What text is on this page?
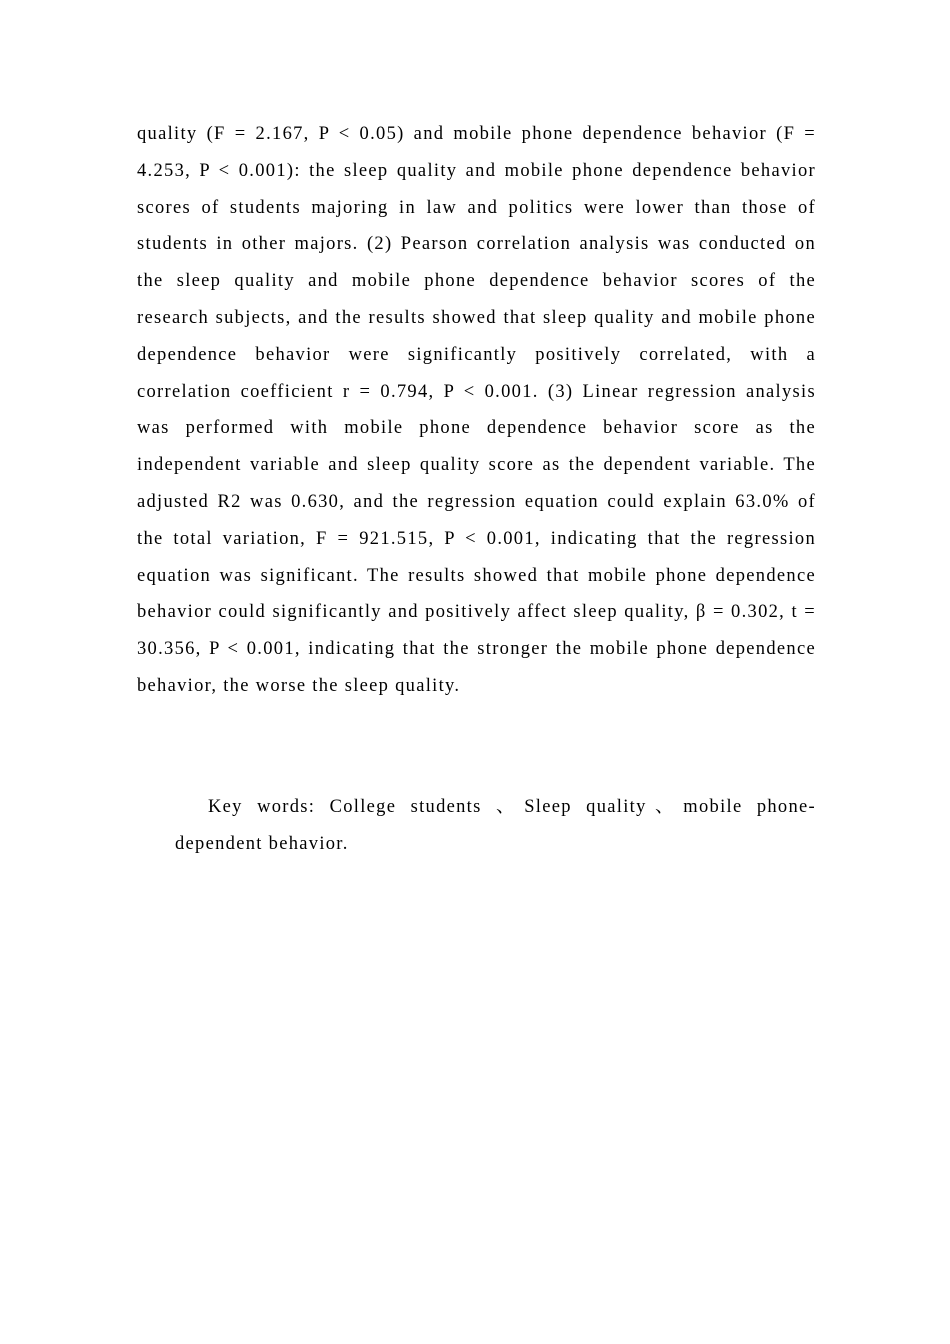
quality (F = 2.167, P < 0.05) and mobile phone dependence behavior (F = 4.253, P < 0.001): the sleep quality and mobile phone dependence behavior scores of students majoring in law and politics were lower than those of students in other majors. (2) Pearson correlation analysis was conducted on the sleep quality and mobile phone dependence behavior scores of the research subjects, and the results showed that sleep quality and mobile phone dependence behavior were significantly positively correlated, with a correlation coefficient r = 0.794, P < 0.001. (3) Linear regression analysis was performed with mobile phone dependence behavior score as the independent variable and sleep quality score as the dependent variable. The adjusted R2 was 0.630, and the regression equation could explain 63.0% of the total variation, F = 921.515, P < 0.001, indicating that the regression equation was significant. The results showed that mobile phone dependence behavior could significantly and positively affect sleep quality, β = 0.302, t = 30.356, P < 0.001, indicating that the stronger the mobile phone dependence behavior, the worse the sleep quality.

Key words: College students 、Sleep quality、mobile phone-dependent behavior.
